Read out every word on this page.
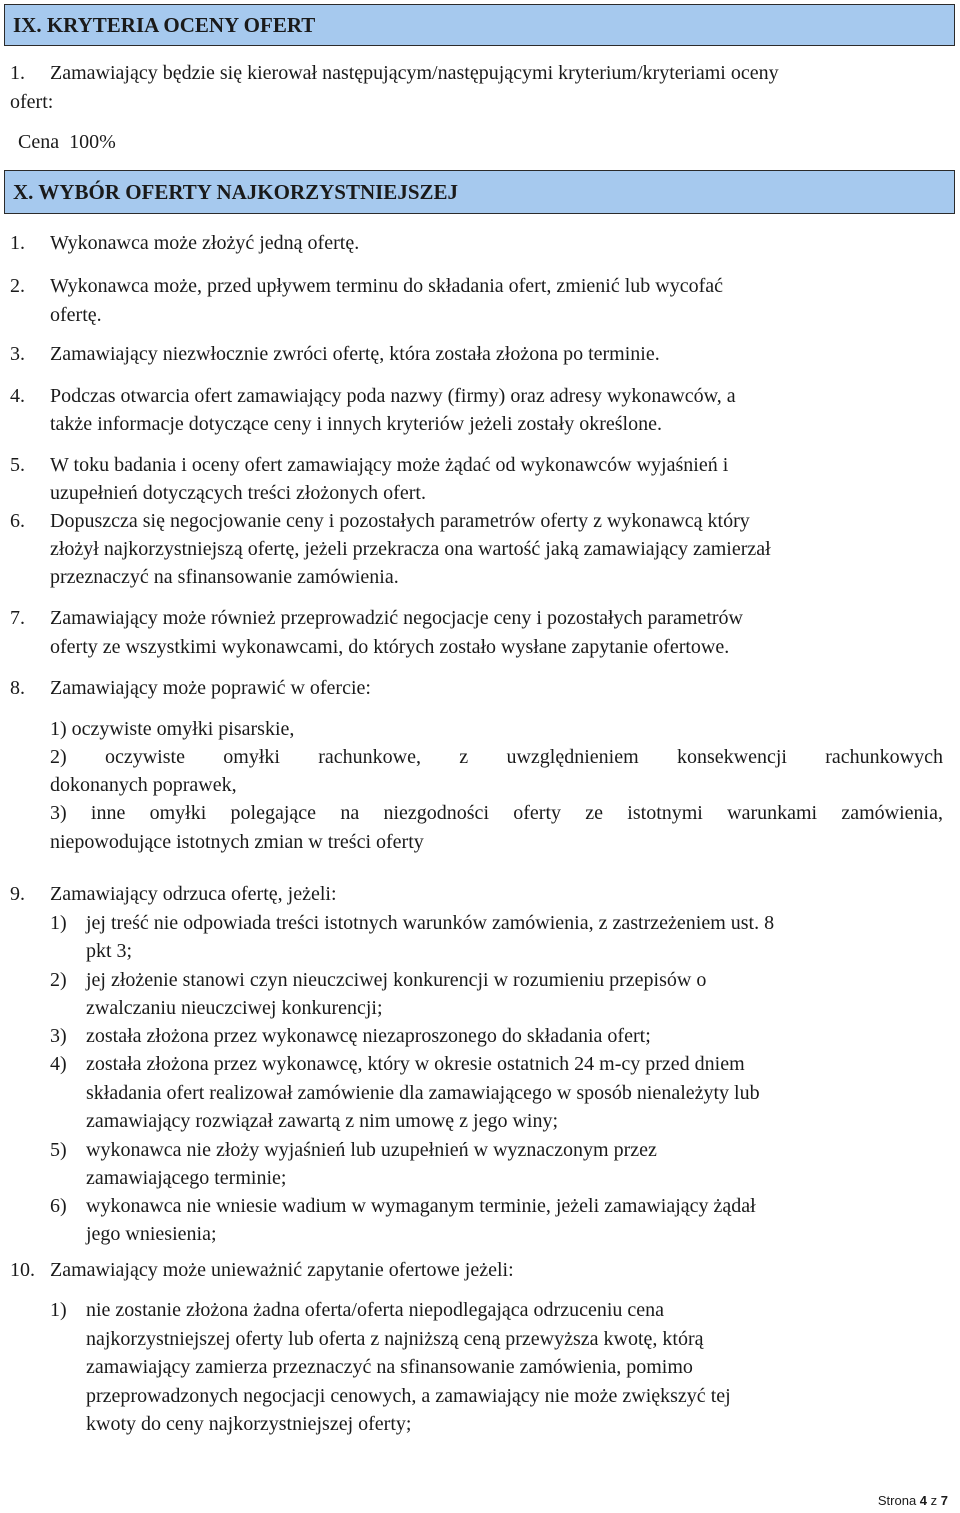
IX. KRYTERIA OCENY OFERT
1. Zamawiający będzie się kierował następującym/następującymi kryterium/kryteriami oceny
ofert:
Cena  100%
X. WYBÓR OFERTY NAJKORZYSTNIEJSZEJ
1. Wykonawca może złożyć jedną ofertę.
2. Wykonawca może, przed upływem terminu do składania ofert, zmienić lub wycofać
ofertę.
3. Zamawiający niezwłocznie zwróci ofertę, która została złożona po terminie.
4. Podczas otwarcia ofert zamawiający poda nazwy (firmy) oraz adresy wykonawców, a
także informacje dotyczące ceny i innych kryteriów jeżeli zostały określone.
5. W toku badania i oceny ofert zamawiający może żądać od wykonawców wyjaśnień i
uzupełnień dotyczących treści złożonych ofert.
6. Dopuszcza się negocjowanie ceny i pozostałych parametrów oferty z wykonawcą który
złożył najkorzystniejszą ofertę, jeżeli przekracza ona wartość jaką zamawiający zamierzał
przeznaczyć na sfinansowanie zamówienia.
7. Zamawiający może również przeprowadzić negocjacje ceny i pozostałych parametrów
oferty ze wszystkimi wykonawcami, do których zostało wysłane zapytanie ofertowe.
8. Zamawiający może poprawić w ofercie:
1) oczywiste omyłki pisarskie,
2) oczywiste omyłki rachunkowe, z uwzględnieniem konsekwencji rachunkowych
dokonanych poprawek,
3) inne omyłki polegające na niezgodności oferty ze istotnymi warunkami zamówienia,
niepowodujące istotnych zmian w treści oferty
9. Zamawiający odrzuca ofertę, jeżeli:
1) jej treść nie odpowiada treści istotnych warunków zamówienia, z zastrzeżeniem ust. 8
pkt 3;
2) jej złożenie stanowi czyn nieuczciwej konkurencji w rozumieniu przepisów o
zwalczaniu nieuczciwej konkurencji;
3) została złożona przez wykonawcę niezaproszonego do składania ofert;
4) została złożona przez wykonawcę, który w okresie ostatnich 24 m-cy przed dniem
składania ofert realizował zamówienie dla zamawiającego w sposób nienależyty lub
zamawiający rozwiązał zawartą z nim umowę z jego winy;
5) wykonawca nie złoży wyjaśnień lub uzupełnień w wyznaczonym przez
zamawiającego terminie;
6) wykonawca nie wniesie wadium w wymaganym terminie, jeżeli zamawiający żądał
jego wniesienia;
10. Zamawiający może unieważnić zapytanie ofertowe jeżeli:
1) nie zostanie złożona żadna oferta/oferta niepodlegająca odrzuceniu cena
najkorzystniejszej oferty lub oferta z najniższą ceną przewyższa kwotę, którą
zamawiający zamierza przeznaczyć na sfinansowanie zamówienia, pomimo
przeprowadzonych negocjacji cenowych, a zamawiający nie może zwiększyć tej
kwoty do ceny najkorzystniejszej oferty;
Strona 4 z 7
